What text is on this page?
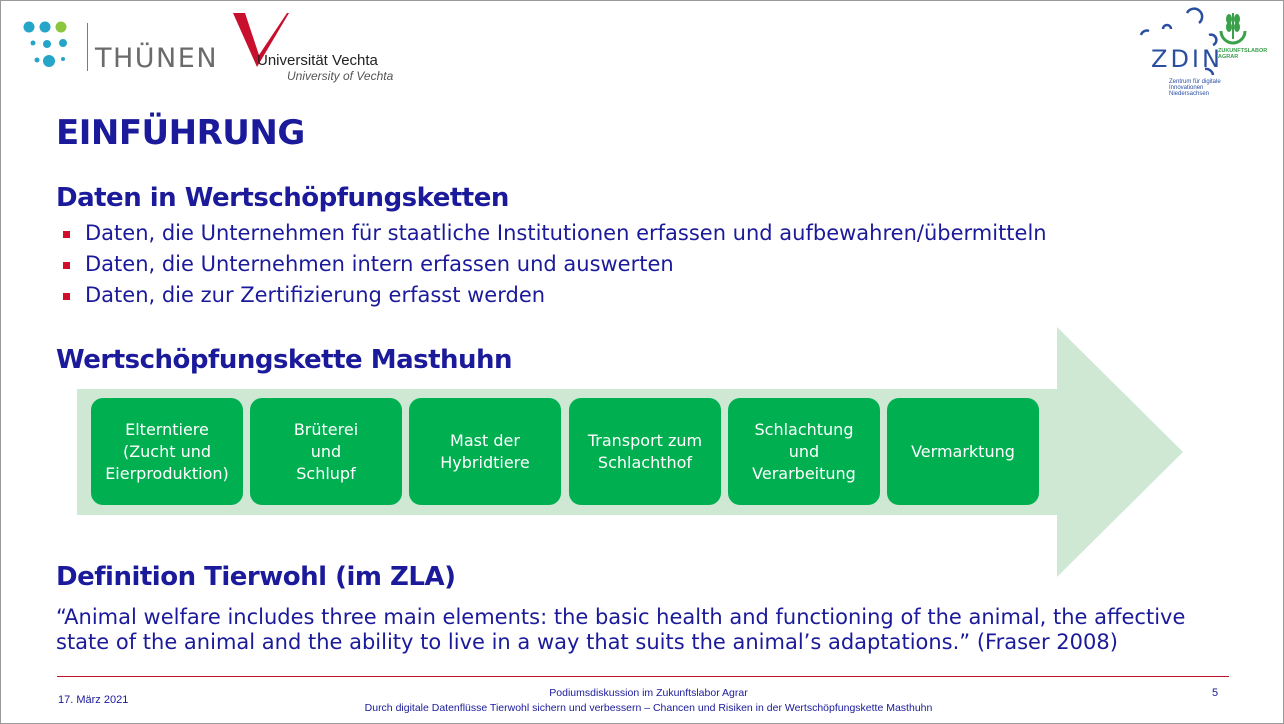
THÜNEN	Universität Vechta
University of Vechta
ZDIN
ZUKUNFTSLABOR AGRAR
Zentrum für digitale Innovationen Niedersachsen
EINFÜHRUNG
Daten in Wertschöpfungsketten
Daten, die Unternehmen für staatliche Institutionen erfassen und aufbewahren/übermitteln
Daten, die Unternehmen intern erfassen und auswerten
Daten, die zur Zertifizierung erfasst werden
Wertschöpfungskette Masthuhn
Elterntiere
(Zucht und
Eierproduktion)
Brüterei
und
Schlupf
Mast der
Hybridtiere
Transport zum
Schlachthof
Schlachtung
und
Verarbeitung
Vermarktung
Definition Tierwohl (im ZLA)
“Animal welfare includes three main elements: the basic health and functioning of the animal, the affective state of the animal and the ability to live in a way that suits the animal’s adaptations.” (Fraser 2008)
17. März 2021
Podiumsdiskussion im Zukunftslabor Agrar
Durch digitale Datenflüsse Tierwohl sichern und verbessern – Chancen und Risiken in der Wertschöpfungskette Masthuhn
5
